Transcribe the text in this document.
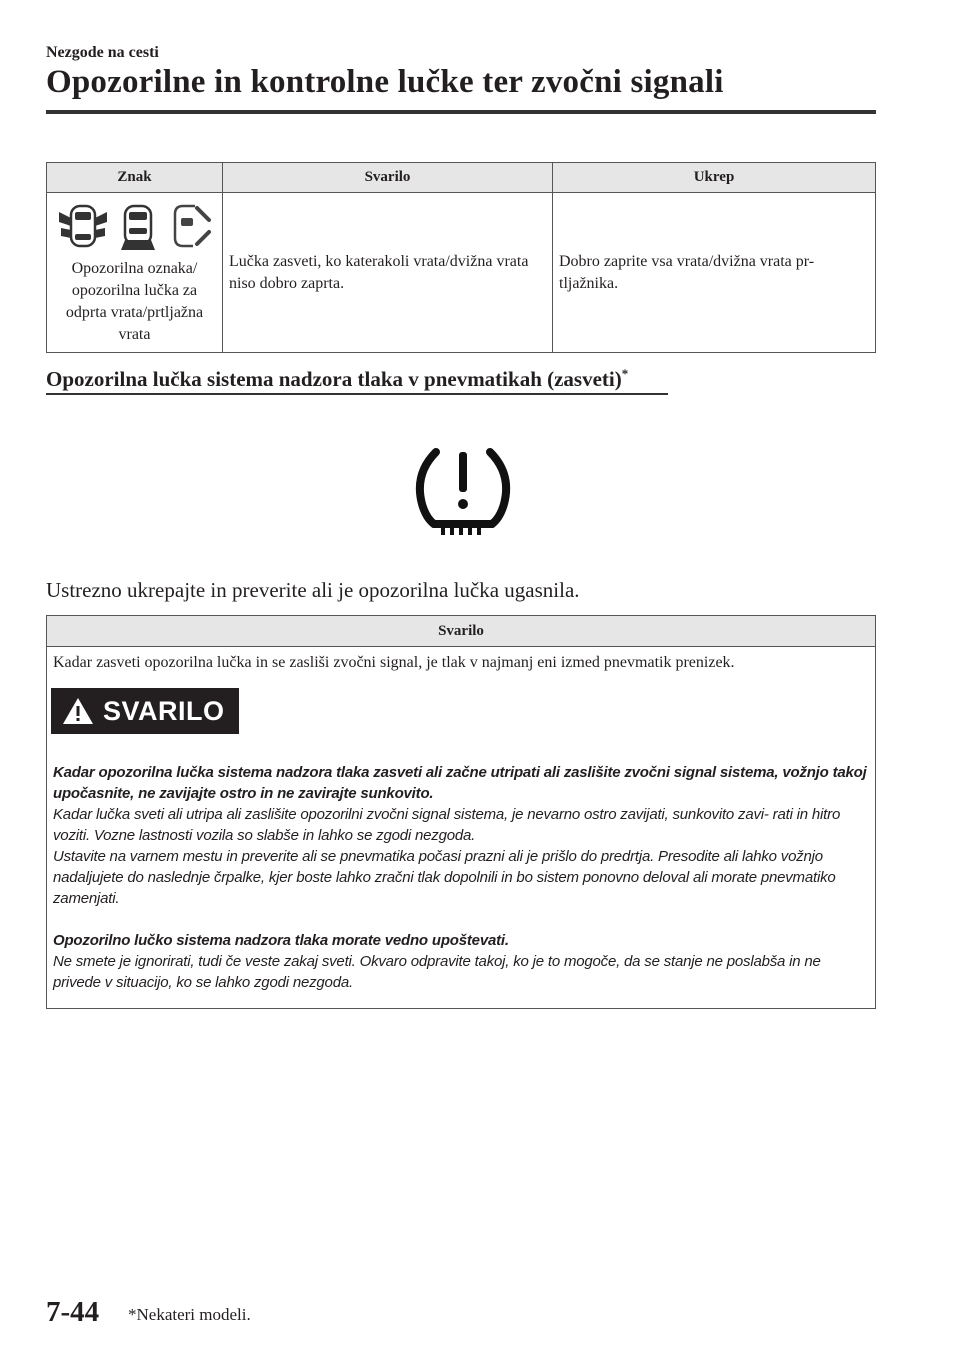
Nezgode na cesti
Opozorilne in kontrolne lučke ter zvočni signali
Znak	Svarilo	Ukrep

Opozorilna oznaka/ opozorilna lučka za odprta vrata/prtljažna vrata	Lučka zasveti, ko katerakoli vrata/dvižna vrata niso dobro zaprta.	Dobro zaprite vsa vrata/dvižna vrata pr- tljažnika.
Opozorilna lučka sistema nadzora tlaka v pnevmatikah (zasveti)*
Ustrezno ukrepajte in preverite ali je opozorilna lučka ugasnila.
Svarilo
Kadar zasveti opozorilna lučka in se zasliši zvočni signal, je tlak v najmanj eni izmed pnevmatik prenizek.
SVARILO

Kadar opozorilna lučka sistema nadzora tlaka zasveti ali začne utripati ali zaslišite zvočni signal sistema, vožnjo takoj upočasnite, ne zavijajte ostro in ne zavirajte sunkovito.

Kadar lučka sveti ali utripa ali zaslišite opozorilni zvočni signal sistema, je nevarno ostro zavijati, sunkovito zavi- rati in hitro voziti. Vozne lastnosti vozila so slabše in lahko se zgodi nezgoda.

Ustavite na varnem mestu in preverite ali se pnevmatika počasi prazni ali je prišlo do predrtja. Presodite ali lahko vožnjo nadaljujete do naslednje črpalke, kjer boste lahko zračni tlak dopolnili in bo sistem ponovno deloval ali morate pnevmatiko zamenjati.

Opozorilno lučko sistema nadzora tlaka morate vedno upoštevati.

Ne smete je ignorirati, tudi če veste zakaj sveti. Okvaro odpravite takoj, ko je to mogoče, da se stanje ne poslabša in ne privede v situacijo, ko se lahko zgodi nezgoda.

7-44 *Nekateri modeli.
